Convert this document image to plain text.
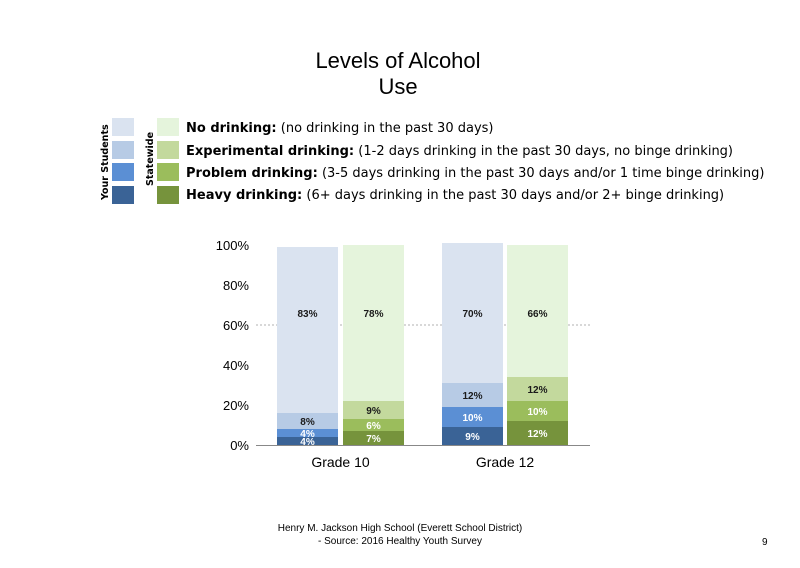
Levels of Alcohol
Use
Your Students	Statewide
No drinking: (no drinking in the past 30 days)
Experimental drinking: (1-2 days drinking in the past 30 days, no binge drinking)
Problem drinking: (3-5 days drinking in the past 30 days and/or 1 time binge drinking)
Heavy drinking: (6+ days drinking in the past 30 days and/or 2+ binge drinking)
0%
20%
40%
60%
80%
100%
4%
4%
8%
83%
7%
6%
9%
78%
9%
10%
12%
70%
12%
10%
12%
66%
Grade 10	Grade 12
Henry M. Jackson High School (Everett School District)
- Source: 2016 Healthy Youth Survey	9
